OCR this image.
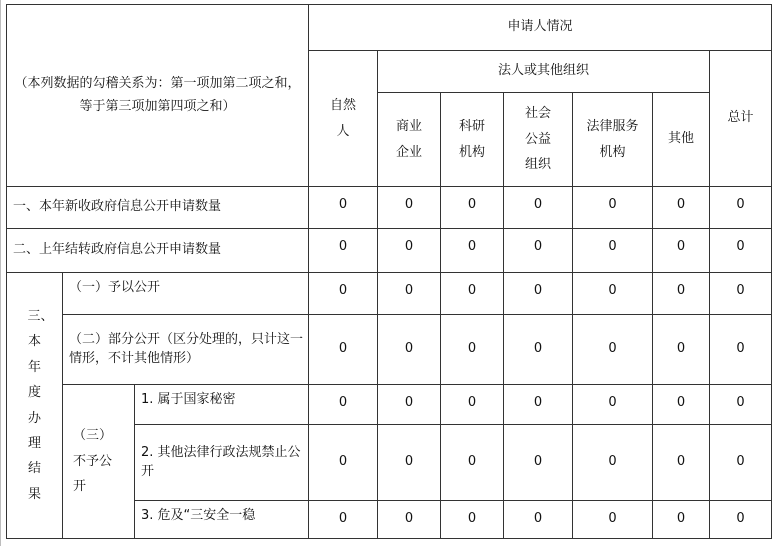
（本列数据的勾稽关系为：第一项加第二项之和，等于第三项加第四项之和）			申请人情况						
			自然人	法人或其他组织					总计
				商业企业	科研机构	社会公益组织	法律服务机构	其他	
一、本年新收政府信息公开申请数量			0	0	0	0	0	0	0
二、上年结转政府信息公开申请数量			0	0	0	0	0	0	0
三、本年度办理结果	（一）予以公开		0	0	0	0	0	0	0
	（二）部分公开（区分处理的，只计这一情形，不计其他情形）		0	0	0	0	0	0	0
	（三）不予公开	1. 属于国家秘密	0	0	0	0	0	0	0
		2. 其他法律行政法规禁止公开	0	0	0	0	0	0	0
		3. 危及“三安全一稳	0	0	0	0	0	0	0
